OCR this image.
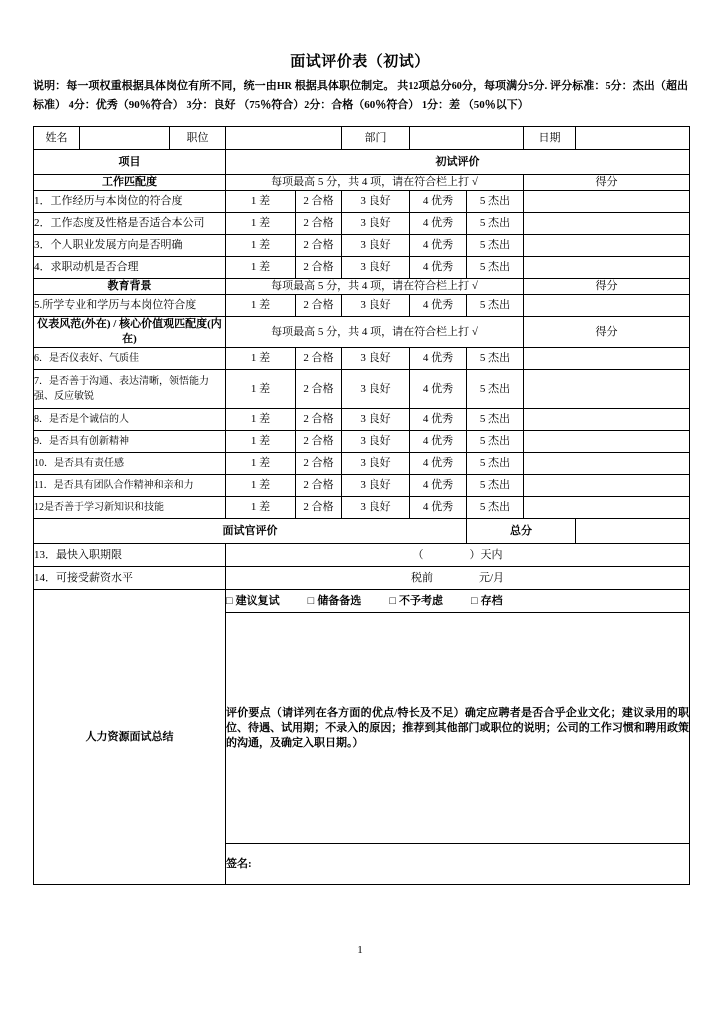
面试评价表（初试）
说明：每一项权重根据具体岗位有所不同，统一由HR 根据具体职位制定。 共12项总分60分，每项满分5分. 评分标准：5分：杰出（超出标准） 4分：优秀（90％符合） 3分：良好 （75％符合）2分：合格（60％符合） 1分：差 （50％以下）
姓名		职位			部门			日期	
项目			初试评价						
工作匹配度			每项最高 5 分，共 4 项，请在符合栏上打 √					得分	
1．工作经历与本岗位的符合度			1 差	2 合格	3 良好	4 优秀	5 杰出		
2．工作态度及性格是否适合本公司			1 差	2 合格	3 良好	4 优秀	5 杰出		
3．个人职业发展方向是否明确			1 差	2 合格	3 良好	4 优秀	5 杰出		
4．求职动机是否合理			1 差	2 合格	3 良好	4 优秀	5 杰出		
教育背景			每项最高 5 分，共 4 项，请在符合栏上打 √					得分	
5.所学专业和学历与本岗位符合度			1 差	2 合格	3 良好	4 优秀	5 杰出		
仪表风范(外在) / 核心价值观匹配度(内在)			每项最高 5 分，共 4 项，请在符合栏上打 √					得分	
6．是否仪表好、气质佳			1 差	2 合格	3 良好	4 优秀	5 杰出		
7．是否善于沟通、表达清晰，领悟能力强、反应敏锐			1 差	2 合格	3 良好	4 优秀	5 杰出		
8．是否是个诚信的人			1 差	2 合格	3 良好	4 优秀	5 杰出		
9．是否具有创新精神			1 差	2 合格	3 良好	4 优秀	5 杰出		
10．是否具有责任感			1 差	2 合格	3 良好	4 优秀	5 杰出		
11．是否具有团队合作精神和亲和力			1 差	2 合格	3 良好	4 优秀	5 杰出		
12是否善于学习新知识和技能			1 差	2 合格	3 良好	4 优秀	5 杰出		
面试官评价							总分		
13．最快入职期限			（ ）天内						
14．可接受薪资水平			税前 元/月						
人力资源面试总结			□ 建议复试 □ 储备备选 □ 不予考虑 □ 存档						
			评价要点（请详列在各方面的优点/特长及不足）确定应聘者是否合乎企业文化；建议录用的职位、待遇、试用期；不录入的原因；推荐到其他部门或职位的说明；公司的工作习惯和聘用政策的沟通，及确定入职日期。）						
			签名:						
1
